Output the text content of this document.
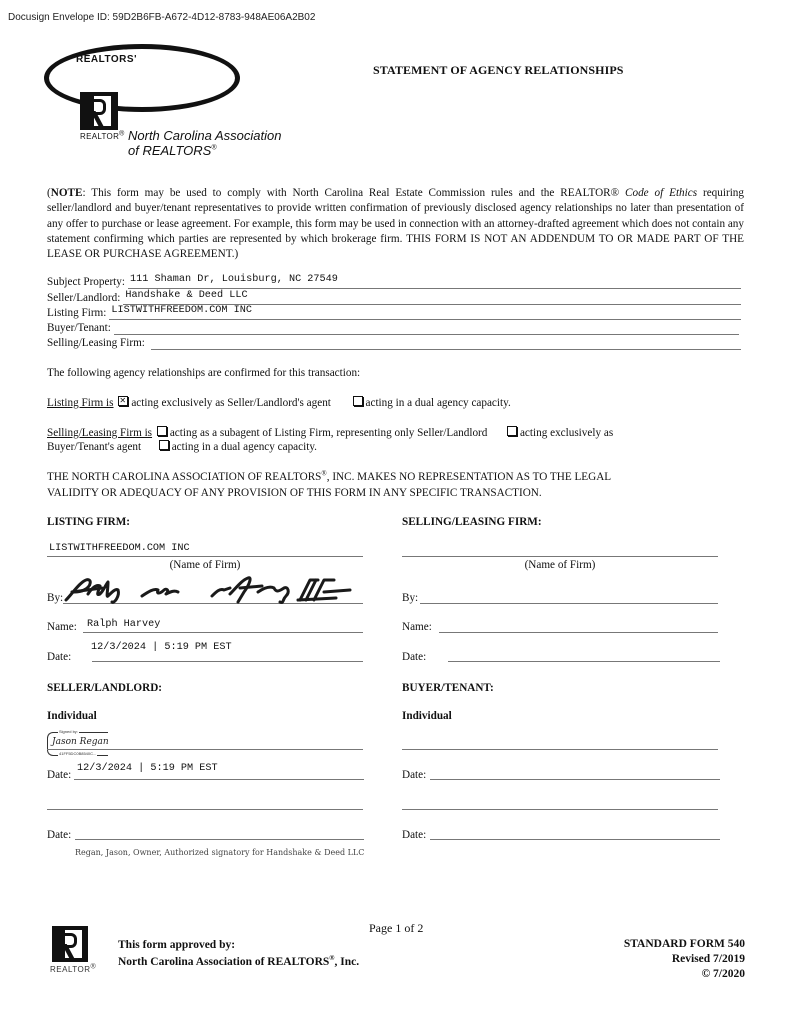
Docusign Envelope ID: 59D2B6FB-A672-4D12-8783-948AE06A2B02
REALTORS'
REALTOR® North Carolina Association
of REALTORS®
STATEMENT OF AGENCY RELATIONSHIPS
(NOTE: This form may be used to comply with North Carolina Real Estate Commission rules and the REALTOR® Code of Ethics requiring seller/landlord and buyer/tenant representatives to provide written confirmation of previously disclosed agency relationships no later than presentation of any offer to purchase or lease agreement. For example, this form may be used in connection with an attorney-drafted agreement which does not contain any statement confirming which parties are represented by which brokerage firm. THIS FORM IS NOT AN ADDENDUM TO OR MADE PART OF THE LEASE OR PURCHASE AGREEMENT.)
Subject Property: 111 Shaman Dr, Louisburg, NC 27549
Seller/Landlord: Handshake & Deed LLC
Listing Firm: LISTWITHFREEDOM.COM INC
Buyer/Tenant:
Selling/Leasing Firm:
The following agency relationships are confirmed for this transaction:
Listing Firm is ✕ acting exclusively as Seller/Landlord's agent	acting in a dual agency capacity.
Selling/Leasing Firm is acting as a subagent of Listing Firm, representing only Seller/Landlord	acting exclusively as
Buyer/Tenant's agent	acting in a dual agency capacity.
THE NORTH CAROLINA ASSOCIATION OF REALTORS®, INC. MAKES NO REPRESENTATION AS TO THE LEGAL
VALIDITY OR ADEQUACY OF ANY PROVISION OF THIS FORM IN ANY SPECIFIC TRANSACTION.
LISTING FIRM:
LISTWITHFREEDOM.COM INC
(Name of Firm)
By:
Name: Ralph Harvey
Date:
12/3/2024 | 5:19 PM EST
SELLING/LEASING FIRM:
(Name of Firm)
By:
Name:
Date:
SELLER/LANDLORD:
Individual
Signed by:
Jason Regan
41FF5DC0B8540C...
Date:
12/3/2024 | 5:19 PM EST
Date:
Regan, Jason, Owner, Authorized signatory for Handshake & Deed LLC
BUYER/TENANT:
Individual
Date:
Date:
Page 1 of 2
REALTOR®
This form approved by:
North Carolina Association of REALTORS®, Inc.
STANDARD FORM 540
Revised 7/2019
© 7/2020
